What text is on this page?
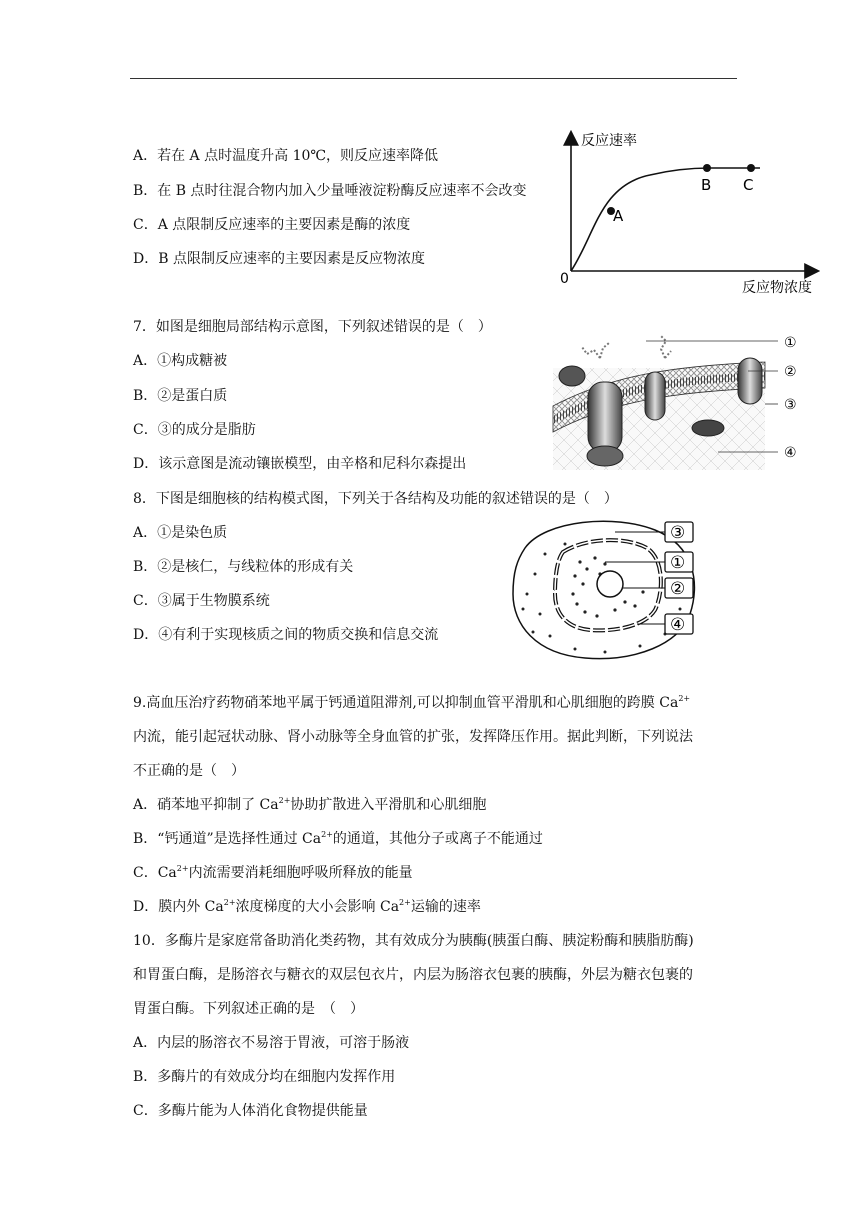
A．若在 A 点时温度升高 10℃，则反应速率降低
B．在 B 点时往混合物内加入少量唾液淀粉酶反应速率不会改变
C．A 点限制反应速率的主要因素是酶的浓度
D．B 点限制反应速率的主要因素是反应物浓度
反应速率
反应物浓度
0
A
B C
7．如图是细胞局部结构示意图，下列叙述错误的是（　）
A．①构成糖被
B．②是蛋白质
C．③的成分是脂肪
D．该示意图是流动镶嵌模型，由辛格和尼科尔森提出
①
②
③
④
8．下图是细胞核的结构模式图，下列关于各结构及功能的叙述错误的是（　）
A．①是染色质
B．②是核仁，与线粒体的形成有关
C．③属于生物膜系统
D．④有利于实现核质之间的物质交换和信息交流
③
①
②
④
9.高血压治疗药物硝苯地平属于钙通道阻滞剂,可以抑制血管平滑肌和心肌细胞的跨膜 $Ca^{2+}$
内流，能引起冠状动脉、肾小动脉等全身血管的扩张，发挥降压作用。据此判断，下列说法
不正确的是（　）
A．硝苯地平抑制了 $Ca^{2+}$协助扩散进入平滑肌和心肌细胞
B．“钙通道”是选择性通过 $Ca^{2+}$的通道，其他分子或离子不能通过
C．$Ca^{2+}$内流需要消耗细胞呼吸所释放的能量
D．膜内外 $Ca^{2+}$浓度梯度的大小会影响 $Ca^{2+}$运输的速率
10．多酶片是家庭常备助消化类药物，其有效成分为胰酶(胰蛋白酶、胰淀粉酶和胰脂肪酶)
和胃蛋白酶，是肠溶衣与糖衣的双层包衣片，内层为肠溶衣包裹的胰酶，外层为糖衣包裹的
胃蛋白酶。下列叙述正确的是　（　）
A．内层的肠溶衣不易溶于胃液，可溶于肠液
B．多酶片的有效成分均在细胞内发挥作用
C．多酶片能为人体消化食物提供能量
